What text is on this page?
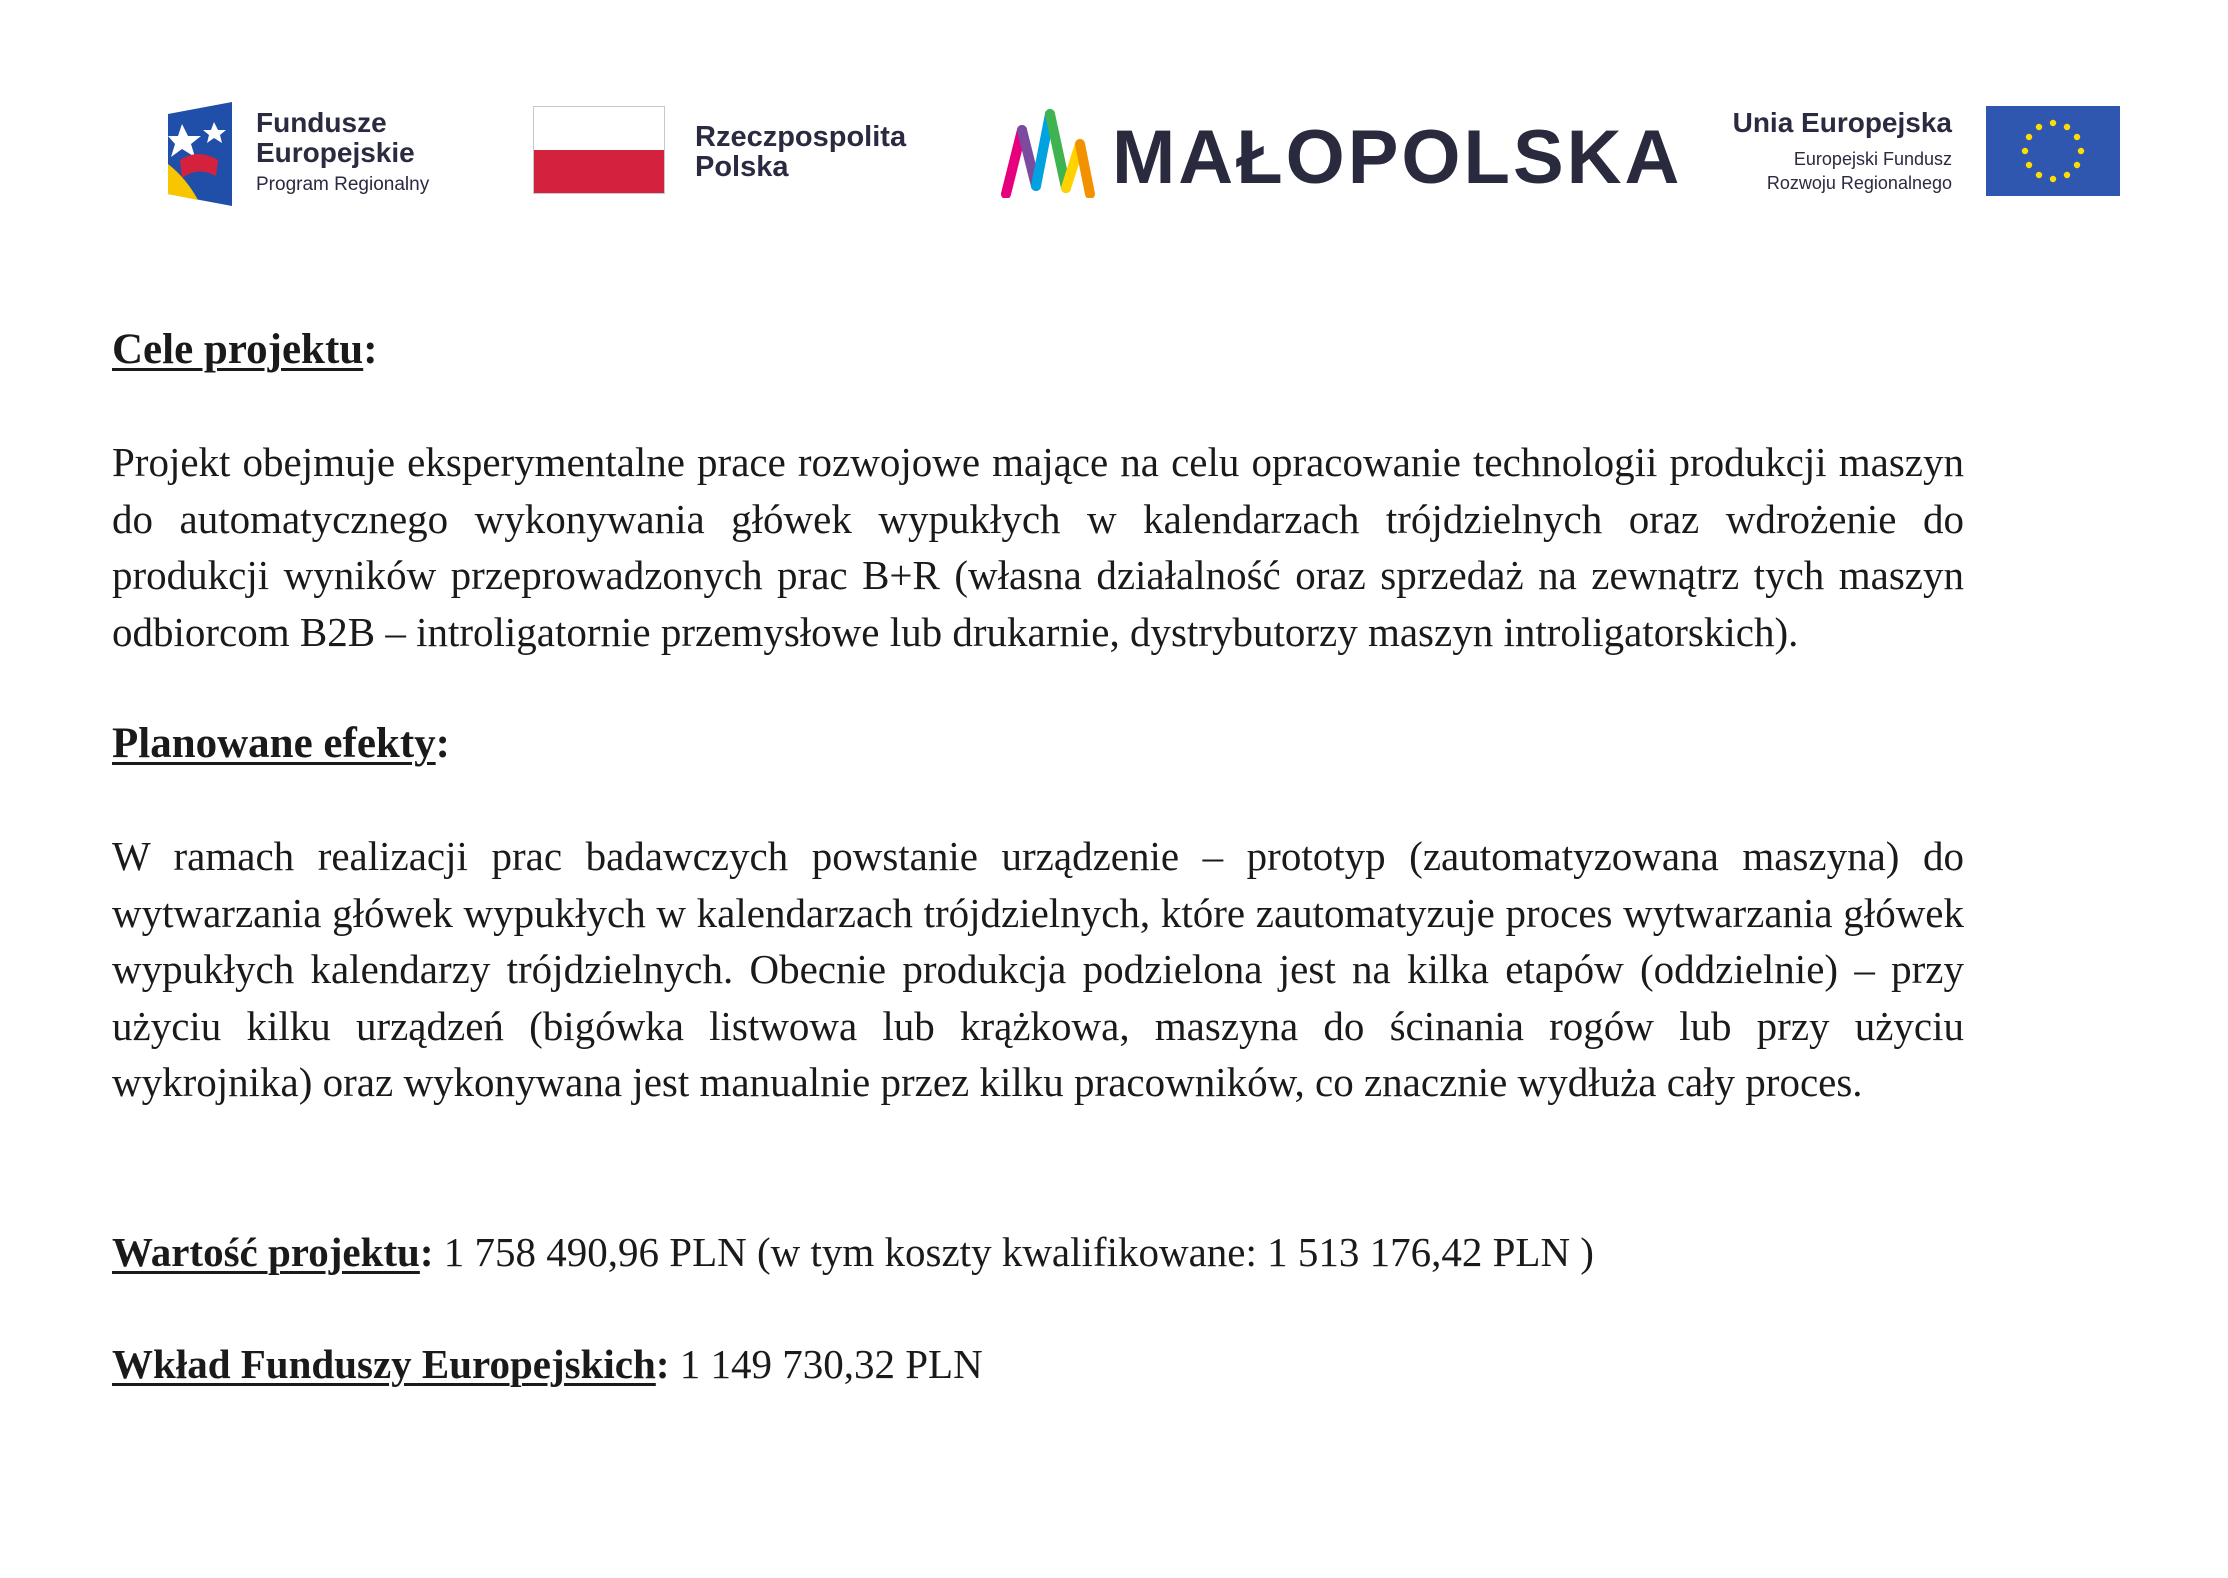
Fundusze
Europejskie
Program Regionalny
Rzeczpospolita
Polska	MAŁOPOLSKA Unia Europejska
Europejski Fundusz
Rozwoju Regionalnego
Cele projektu:

Projekt obejmuje eksperymentalne prace rozwojowe mające na celu opracowanie technologii produkcji maszyn do automatycznego wykonywania główek wypukłych w kalendarzach trójdzielnych oraz wdrożenie do produkcji wyników przeprowadzonych prac B+R (własna działalność oraz sprzedaż na zewnątrz tych maszyn odbiorcom B2B – introligatornie przemysłowe lub drukarnie, dystrybutorzy maszyn introligatorskich).

Planowane efekty:

W ramach realizacji prac badawczych powstanie urządzenie – prototyp (zautomatyzowana maszyna) do wytwarzania główek wypukłych w kalendarzach trójdzielnych, które zautomatyzuje proces wytwarzania główek wypukłych kalendarzy trójdzielnych. Obecnie produkcja podzielona jest na kilka etapów (oddzielnie) – przy użyciu kilku urządzeń (bigówka listwowa lub krążkowa, maszyna do ścinania rogów lub przy użyciu wykrojnika) oraz wykonywana jest manualnie przez kilku pracowników, co znacznie wydłuża cały proces.

Wartość projektu: 1 758 490,96 PLN (w tym koszty kwalifikowane: 1 513 176,42 PLN )

Wkład Funduszy Europejskich: 1 149 730,32 PLN
